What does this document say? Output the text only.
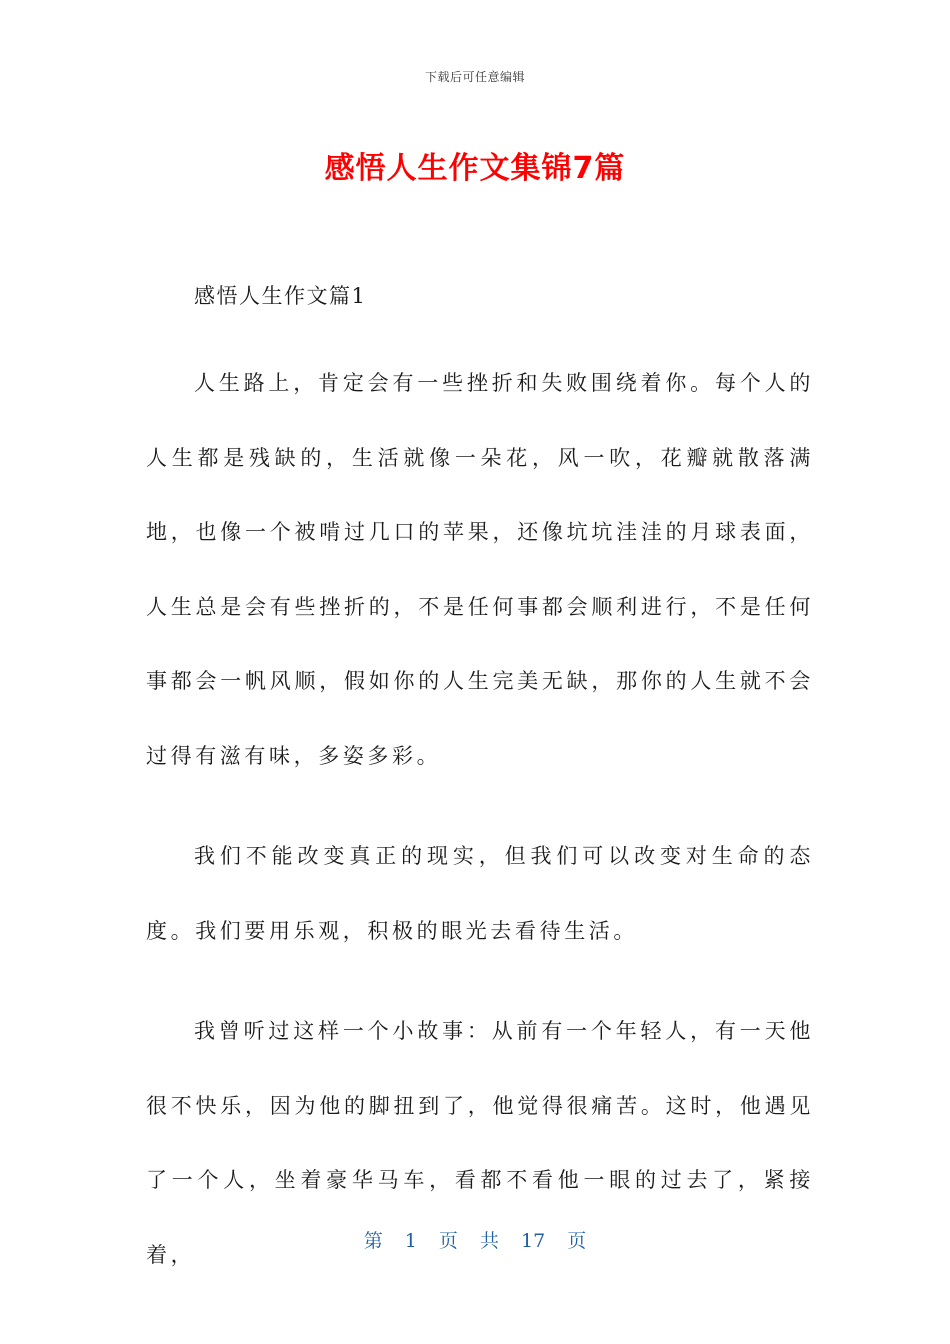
下载后可任意编辑
感悟人生作文集锦7篇

感悟人生作文篇1

人生路上，肯定会有一些挫折和失败围绕着你。每个人的人生都是残缺的，生活就像一朵花，风一吹，花瓣就散落满地，也像一个被啃过几口的苹果，还像坑坑洼洼的月球表面，人生总是会有些挫折的，不是任何事都会顺利进行，不是任何事都会一帆风顺，假如你的人生完美无缺，那你的人生就不会过得有滋有味，多姿多彩。

我们不能改变真正的现实，但我们可以改变对生命的态度。我们要用乐观，积极的眼光去看待生活。

我曾听过这样一个小故事：从前有一个年轻人，有一天他很不快乐，因为他的脚扭到了，他觉得很痛苦。这时，他遇见了一个人，坐着豪华马车，看都不看他一眼的过去了，紧接着，

第 1 页 共 17 页
